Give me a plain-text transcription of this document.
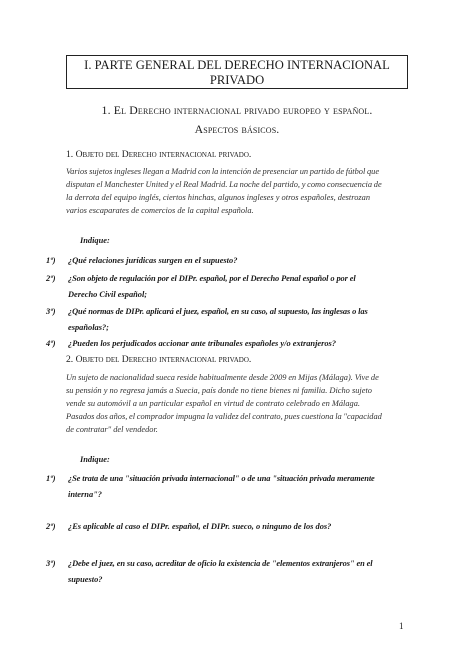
I. PARTE GENERAL DEL DERECHO INTERNACIONAL
PRIVADO
1. El Derecho internacional privado europeo y español.
Aspectos básicos.
1. Objeto del Derecho internacional privado.
Varios sujetos ingleses llegan a Madrid con la intención de presenciar un partido de fútbol que
disputan el Manchester United y el Real Madrid. La noche del partido, y como consecuencia de
la derrota del equipo inglés, ciertos hinchas, algunos ingleses y otros españoles, destrozan
varios escaparates de comercios de la capital española.
Indique:
1º) ¿Qué relaciones jurídicas surgen en el supuesto?
2º) ¿Son objeto de regulación por el DIPr. español, por el Derecho Penal español o por el
Derecho Civil español;
3º) ¿Qué normas de DIPr. aplicará el juez, español, en su caso, al supuesto, las inglesas o las
españolas?;
4º) ¿Pueden los perjudicados accionar ante tribunales españoles y/o extranjeros?
2. Objeto del Derecho internacional privado.
Un sujeto de nacionalidad sueca reside habitualmente desde 2009 en Mijas (Málaga). Vive de
su pensión y no regresa jamás a Suecia, país donde no tiene bienes ni familia. Dicho sujeto
vende su automóvil a un particular español en virtud de contrato celebrado en Málaga.
Pasados dos años, el comprador impugna la validez del contrato, pues cuestiona la "capacidad
de contratar" del vendedor.
Indique:
1º) ¿Se trata de una "situación privada internacional" o de una "situación privada meramente
interna"?
2º) ¿Es aplicable al caso el DIPr. español, el DIPr. sueco, o ninguno de los dos?
3º) ¿Debe el juez, en su caso, acreditar de oficio la existencia de "elementos extranjeros" en el
supuesto?
1
